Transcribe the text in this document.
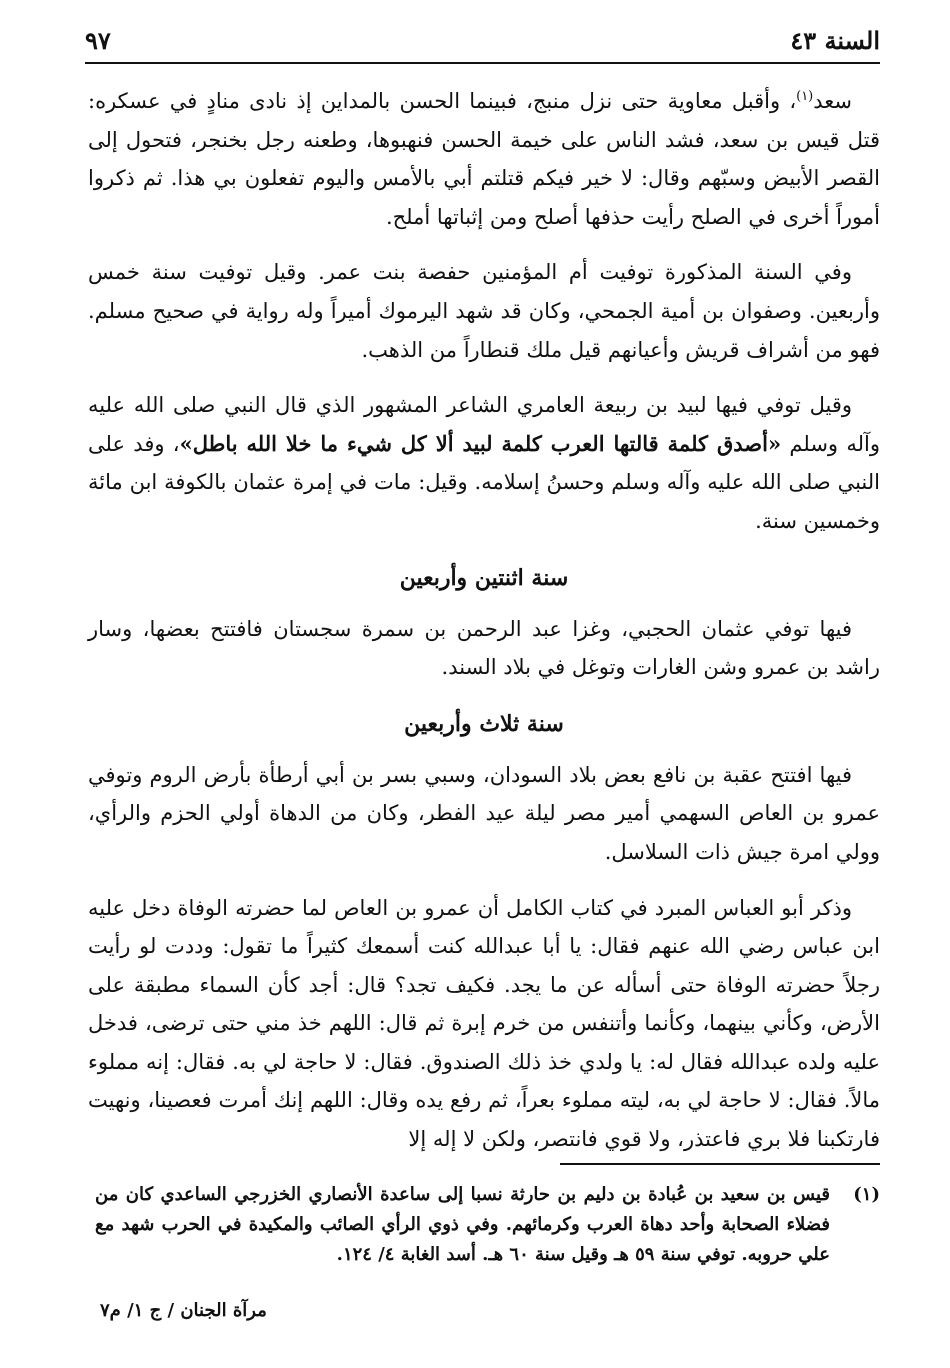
السنة ٤٣
٩٧

سعد$^{(١)}$، وأقبل معاوية حتى نزل منبج، فبينما الحسن بالمداين إذ نادى منادٍ في عسكره: قتل قيس بن سعد، فشد الناس على خيمة الحسن فنهبوها، وطعنه رجل بخنجر، فتحول إلى القصر الأبيض وسبّهم وقال: لا خير فيكم قتلتم أبي بالأمس واليوم تفعلون بي هذا. ثم ذكروا أموراً أخرى في الصلح رأيت حذفها أصلح ومن إثباتها أملح.

وفي السنة المذكورة توفيت أم المؤمنين حفصة بنت عمر. وقيل توفيت سنة خمس وأربعين. وصفوان بن أمية الجمحي، وكان قد شهد اليرموك أميراً وله رواية في صحيح مسلم. فهو من أشراف قريش وأعيانهم قيل ملك قنطاراً من الذهب.

وقيل توفي فيها لبيد بن ربيعة العامري الشاعر المشهور الذي قال النبي صلى الله عليه وآله وسلم «أصدق كلمة قالتها العرب كلمة لبيد ألا كل شيء ما خلا الله باطل»، وفد على النبي صلى الله عليه وآله وسلم وحسنُ إسلامه. وقيل: مات في إمرة عثمان بالكوفة ابن مائة وخمسين سنة.

سنة اثنتين وأربعين

فيها توفي عثمان الحجبي، وغزا عبد الرحمن بن سمرة سجستان فافتتح بعضها، وسار راشد بن عمرو وشن الغارات وتوغل في بلاد السند.

سنة ثلاث وأربعين

فيها افتتح عقبة بن نافع بعض بلاد السودان، وسبي بسر بن أبي أرطأة بأرض الروم وتوفي عمرو بن العاص السهمي أمير مصر ليلة عيد الفطر، وكان من الدهاة أولي الحزم والرأي، وولي امرة جيش ذات السلاسل.

وذكر أبو العباس المبرد في كتاب الكامل أن عمرو بن العاص لما حضرته الوفاة دخل عليه ابن عباس رضي الله عنهم فقال: يا أبا عبدالله كنت أسمعك كثيراً ما تقول: وددت لو رأيت رجلاً حضرته الوفاة حتى أسأله عن ما يجد. فكيف تجد؟ قال: أجد كأن السماء مطبقة على الأرض، وكأني بينهما، وكأنما وأتنفس من خرم إبرة ثم قال: اللهم خذ مني حتى ترضى، فدخل عليه ولده عبدالله فقال له: يا ولدي خذ ذلك الصندوق. فقال: لا حاجة لي به. فقال: إنه مملوء مالاً. فقال: لا حاجة لي به، ليته مملوء بعراً، ثم رفع يده وقال: اللهم إنك أمرت فعصينا، ونهيت فارتكبنا فلا بري فاعتذر، ولا قوي فانتصر، ولكن لا إله إلا

(١)
قيس بن سعيد بن عُبادة بن دليم بن حارثة نسبا إلى ساعدة الأنصاري الخزرجي الساعدي كان من فضلاء الصحابة وأحد دهاة العرب وكرمائهم. وفي ذوي الرأي الصائب والمكيدة في الحرب شهد مع علي حروبه. توفي سنة ٥٩ هـ وقيل سنة ٦٠ هـ. أسد الغابة ٤/ ١٢٤.
مرآة الجنان / ج ١/ م٧
